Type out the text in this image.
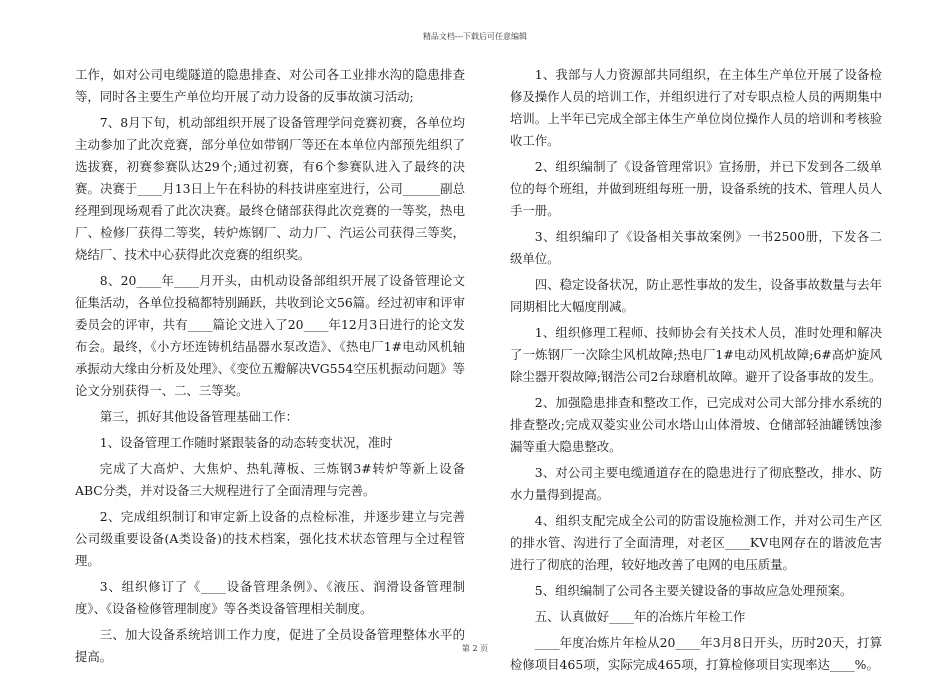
精品文档---下载后可任意编辑

工作，如对公司电缆隧道的隐患排查、对公司各工业排水沟的隐患排查等，同时各主要生产单位均开展了动力设备的反事故演习活动;

7、8月下旬，机动部组织开展了设备管理学问竞赛初赛，各单位均主动参加了此次竞赛，部分单位如带钢厂等还在本单位内部预先组织了选拔赛，初赛参赛队达29个;通过初赛，有6个参赛队进入了最终的决赛。决赛于____月13日上午在科协的科技讲座室进行，公司______副总经理到现场观看了此次决赛。最终仓储部获得此次竞赛的一等奖，热电厂、检修厂获得二等奖，转炉炼钢厂、动力厂、汽运公司获得三等奖，烧结厂、技术中心获得此次竞赛的组织奖。

8、20____年____月开头，由机动设备部组织开展了设备管理论文征集活动，各单位投稿都特别踊跃，共收到论文56篇。经过初审和评审委员会的评审，共有____篇论文进入了20____年12月3日进行的论文发布会。最终，《小方坯连铸机结晶器水泵改造》、《热电厂1#电动风机轴承振动大缘由分析及处理》、《变位五瓣解决VG554空压机振动问题》等论文分别获得一、二、三等奖。

第三，抓好其他设备管理基础工作：

1、设备管理工作随时紧跟装备的动态转变状况，准时

完成了大高炉、大焦炉、热轧薄板、三炼钢3#转炉等新上设备ABC分类，并对设备三大规程进行了全面清理与完善。

2、完成组织制订和审定新上设备的点检标准，并逐步建立与完善公司级重要设备(A类设备)的技术档案，强化技术状态管理与全过程管理。

3、组织修订了《____设备管理条例》、《液压、润滑设备管理制度》、《设备检修管理制度》等各类设备管理相关制度。

三、加大设备系统培训工作力度，促进了全员设备管理整体水平的提高。

1、我部与人力资源部共同组织，在主体生产单位开展了设备检修及操作人员的培训工作，并组织进行了对专职点检人员的两期集中培训。上半年已完成全部主体生产单位岗位操作人员的培训和考核验收工作。

2、组织编制了《设备管理常识》宣扬册，并已下发到各二级单位的每个班组，并做到班组每班一册，设备系统的技术、管理人员人手一册。

3、组织编印了《设备相关事故案例》一书2500册，下发各二级单位。

四、稳定设备状况，防止恶性事故的发生，设备事故数量与去年同期相比大幅度削减。

1、组织修理工程师、技师协会有关技术人员，准时处理和解决了一炼钢厂一次除尘风机故障;热电厂1#电动风机故障;6#高炉旋风除尘器开裂故障;钢浩公司2台球磨机故障。避开了设备事故的发生。

2、加强隐患排查和整改工作，已完成对公司大部分排水系统的排查整改;完成双菱实业公司水塔山山体滑坡、仓储部轻油罐锈蚀渗漏等重大隐患整改。

3、对公司主要电缆通道存在的隐患进行了彻底整改，排水、防水力量得到提高。

4、组织支配完成全公司的防雷设施检测工作，并对公司生产区的排水管、沟进行了全面清理，对老区____KV电网存在的谐波危害进行了彻底的治理，较好地改善了电网的电压质量。

5、组织编制了公司各主要关键设备的事故应急处理预案。

五、认真做好____年的冶炼片年检工作

____年度冶炼片年检从20____年3月8日开头，历时20天，打算检修项目465项，实际完成465项，打算检修项目实现率达____%。

第 2 页
